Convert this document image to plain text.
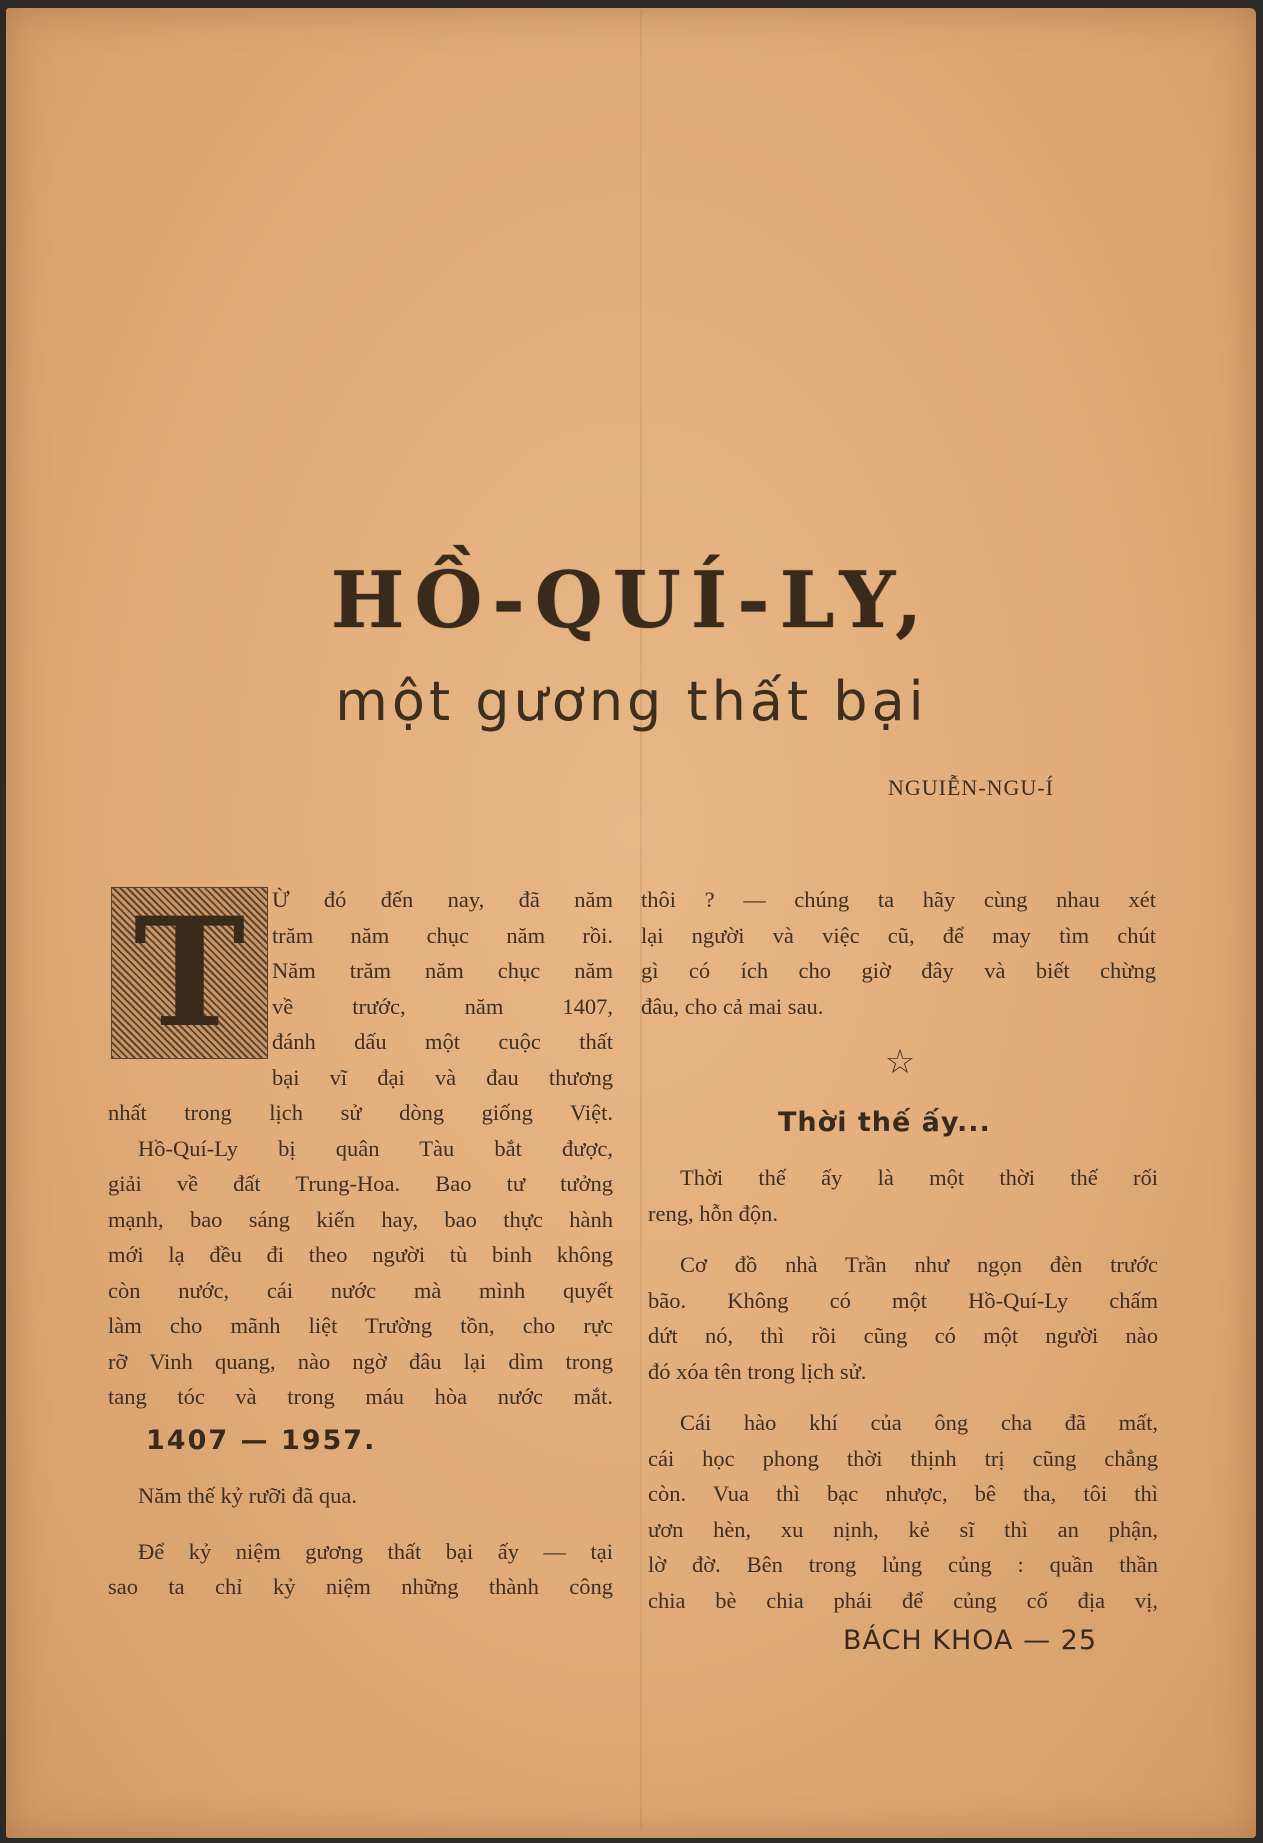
HỒ-QUÍ-LY,
một gương thất bại
NGUIỄN-NGU-Í
T	Ừ đó đến nay, đã năm

trăm năm chục năm rồi.

Năm trăm năm chục năm

về trước, năm 1407,

đánh dấu một cuộc thất

bại vĩ đại và đau thương

nhất trong lịch sử dòng giống Việt.

Hồ-Quí-Ly bị quân Tàu bắt được,

giải về đất Trung-Hoa. Bao tư tưởng

mạnh, bao sáng kiến hay, bao thực hành

mới lạ đều đi theo người tù binh không

còn nước, cái nước mà mình quyết

làm cho mãnh liệt Trường tồn, cho rực

rỡ Vinh quang, nào ngờ đâu lại dìm trong

tang tóc và trong máu hòa nước mắt.

1407 — 1957.

Năm thế kỷ rưỡi đã qua.

Để kỷ niệm gương thất bại ấy — tại

sao ta chỉ kỷ niệm những thành công

thôi ? — chúng ta hãy cùng nhau xét

lại người và việc cũ, để may tìm chút

gì có ích cho giờ đây và biết chừng

đâu, cho cả mai sau.

☆
Thời thế ấy...

Thời thế ấy là một thời thế rối

reng, hỗn độn.

Cơ đồ nhà Trần như ngọn đèn trước

bão. Không có một Hồ-Quí-Ly chấm

dứt nó, thì rồi cũng có một người nào

đó xóa tên trong lịch sử.

Cái hào khí của ông cha đã mất,

cái học phong thời thịnh trị cũng chẳng

còn. Vua thì bạc nhược, bê tha, tôi thì

ươn hèn, xu nịnh, kẻ sĩ thì an phận,

lờ đờ. Bên trong lủng củng : quần thần

chia bè chia phái để củng cố địa vị,

BÁCH KHOA — 25
